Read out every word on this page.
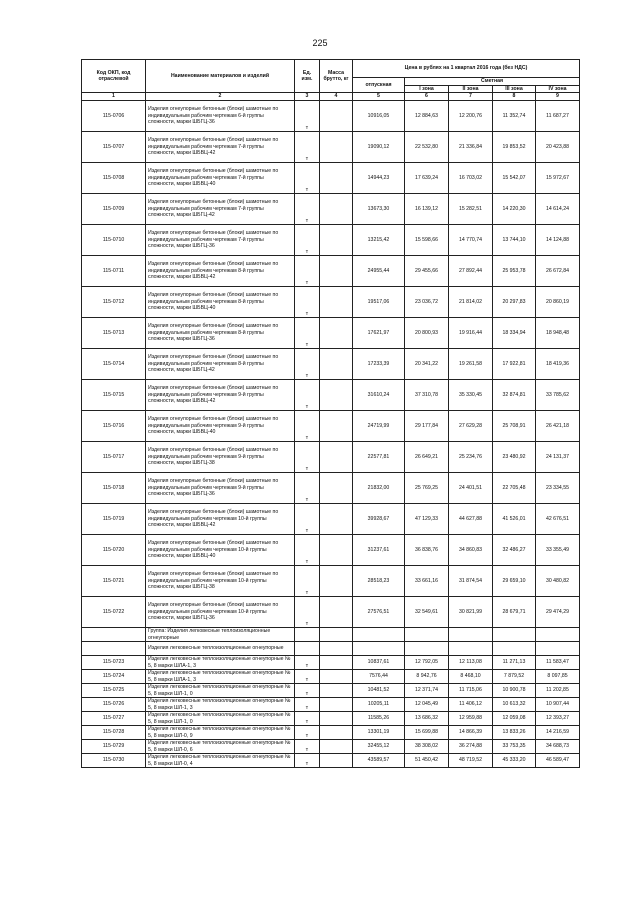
225
Код ОКП, код отраслевой	Наименование материалов и изделий	Ед. изм.	Масса брутто, кг	Цена в рублях на 1 квартал 2016 года (без НДС)				
				отпускная	Сметная			
					I зона	II зона	III зона	IV зона
1	2	3	4	5	6	7	8	9
115-0706	Изделия огнеупорные бетонные (блоки) шамотные по индивидуальным рабочим чертежам 6-й группы сложности, марки ШБГЦ-36	т		10916,05	12 884,63	12 200,76	11 352,74	11 687,27
115-0707	Изделия огнеупорные бетонные (блоки) шамотные по индивидуальным рабочим чертежам 7-й группы сложности, марки ШБВЦ-42	т		19090,12	22 532,80	21 336,84	19 853,52	20 423,88
115-0708	Изделия огнеупорные бетонные (блоки) шамотные по индивидуальным рабочим чертежам 7-й группы сложности, марки ШБВЦ-40	т		14944,23	17 639,24	16 703,02	15 542,07	15 972,67
115-0709	Изделия огнеупорные бетонные (блоки) шамотные по индивидуальным рабочим чертежам 7-й группы сложности, марки ШБГЦ-42	т		13673,30	16 139,12	15 282,51	14 220,30	14 614,24
115-0710	Изделия огнеупорные бетонные (блоки) шамотные по индивидуальным рабочим чертежам 7-й группы сложности, марки ШБГЦ-36	т		13215,42	15 598,66	14 770,74	13 744,10	14 124,88
115-0711	Изделия огнеупорные бетонные (блоки) шамотные по индивидуальным рабочим чертежам 8-й группы сложности, марки ШБВЦ-42	т		24955,44	29 455,66	27 892,44	25 953,78	26 672,84
115-0712	Изделия огнеупорные бетонные (блоки) шамотные по индивидуальным рабочим чертежам 8-й группы сложности, марки ШБВЦ-40	т		19517,06	23 036,72	21 814,02	20 297,83	20 860,19
115-0713	Изделия огнеупорные бетонные (блоки) шамотные по индивидуальным рабочим чертежам 8-й группы сложности, марки ШБГЦ-36	т		17621,97	20 800,93	19 916,44	18 334,94	18 948,48
115-0714	Изделия огнеупорные бетонные (блоки) шамотные по индивидуальным рабочим чертежам 8-й группы сложности, марки ШБГЦ-42	т		17233,39	20 341,22	19 261,58	17 922,81	18 419,36
115-0715	Изделия огнеупорные бетонные (блоки) шамотные по индивидуальным рабочим чертежам 9-й группы сложности, марки ШБВЦ-42	т		31610,24	37 310,78	35 330,45	32 874,81	33 785,62
115-0716	Изделия огнеупорные бетонные (блоки) шамотные по индивидуальным рабочим чертежам 9-й группы сложности, марки ШБВЦ-40	т		24719,99	29 177,84	27 629,28	25 708,91	26 421,18
115-0717	Изделия огнеупорные бетонные (блоки) шамотные по индивидуальным рабочим чертежам 9-й группы сложности, марки ШБГЦ-38	т		22577,81	26 649,21	25 234,76	23 480,92	24 131,37
115-0718	Изделия огнеупорные бетонные (блоки) шамотные по индивидуальным рабочим чертежам 9-й группы сложности, марки ШБГЦ-36	т		21832,00	25 769,25	24 401,51	22 705,48	23 334,55
115-0719	Изделия огнеупорные бетонные (блоки) шамотные по индивидуальным рабочим чертежам 10-й группы сложности, марки ШБВЦ-42	т		39928,67	47 129,33	44 627,88	41 526,01	42 676,51
115-0720	Изделия огнеупорные бетонные (блоки) шамотные по индивидуальным рабочим чертежам 10-й группы сложности, марки ШБВЦ-40	т		31237,61	36 838,76	34 860,83	32 486,27	33 355,49
115-0721	Изделия огнеупорные бетонные (блоки) шамотные по индивидуальным рабочим чертежам 10-й группы сложности, марки ШБГЦ-38	т		28518,23	33 661,16	31 874,54	29 659,10	30 480,82
115-0722	Изделия огнеупорные бетонные (блоки) шамотные по индивидуальным рабочим чертежам 10-й группы сложности, марки ШБГЦ-36	т		27576,51	32 549,61	30 821,99	28 679,71	29 474,29
	Группа: Изделия легковесные теплоизоляционные огнеупорные							
	Изделия легковесные теплоизоляционные огнеупорные							
115-0723	Изделия легковесные теплоизоляционные огнеупорные № 5, 8 марки ШЛА-1, 3	т		10837,61	12 792,05	12 113,08	11 271,13	11 583,47
115-0724	Изделия легковесные теплоизоляционные огнеупорные № 5, 8 марки ШЛА-1, 3	т		7576,44	8 942,76	8 468,10	7 879,52	8 097,85
115-0725	Изделия легковесные теплоизоляционные огнеупорные № 5, 8 марки ШЛ-1, 0	т		10481,52	12 371,74	11 715,06	10 900,78	11 202,85
115-0726	Изделия легковесные теплоизоляционные огнеупорные № 5, 8 марки ШЛ-1, 3	т		10205,11	12 045,49	11 406,12	10 613,32	10 907,44
115-0727	Изделия легковесные теплоизоляционные огнеупорные № 5, 8 марки ШЛ-1, 0	т		11585,26	13 686,32	12 959,88	12 059,08	12 393,27
115-0728	Изделия легковесные теплоизоляционные огнеупорные № 5, 8 марки ШЛ-0, 9	т		13301,19	15 699,88	14 866,39	13 833,26	14 216,59
115-0729	Изделия легковесные теплоизоляционные огнеупорные № 5, 8 марки ШЛ-0, 6	т		32455,12	38 308,02	36 274,88	33 753,35	34 688,73
115-0730	Изделия легковесные теплоизоляционные огнеупорные № 5, 8 марки ШЛ-0, 4	т		43589,57	51 450,42	48 719,52	45 333,20	46 589,47
